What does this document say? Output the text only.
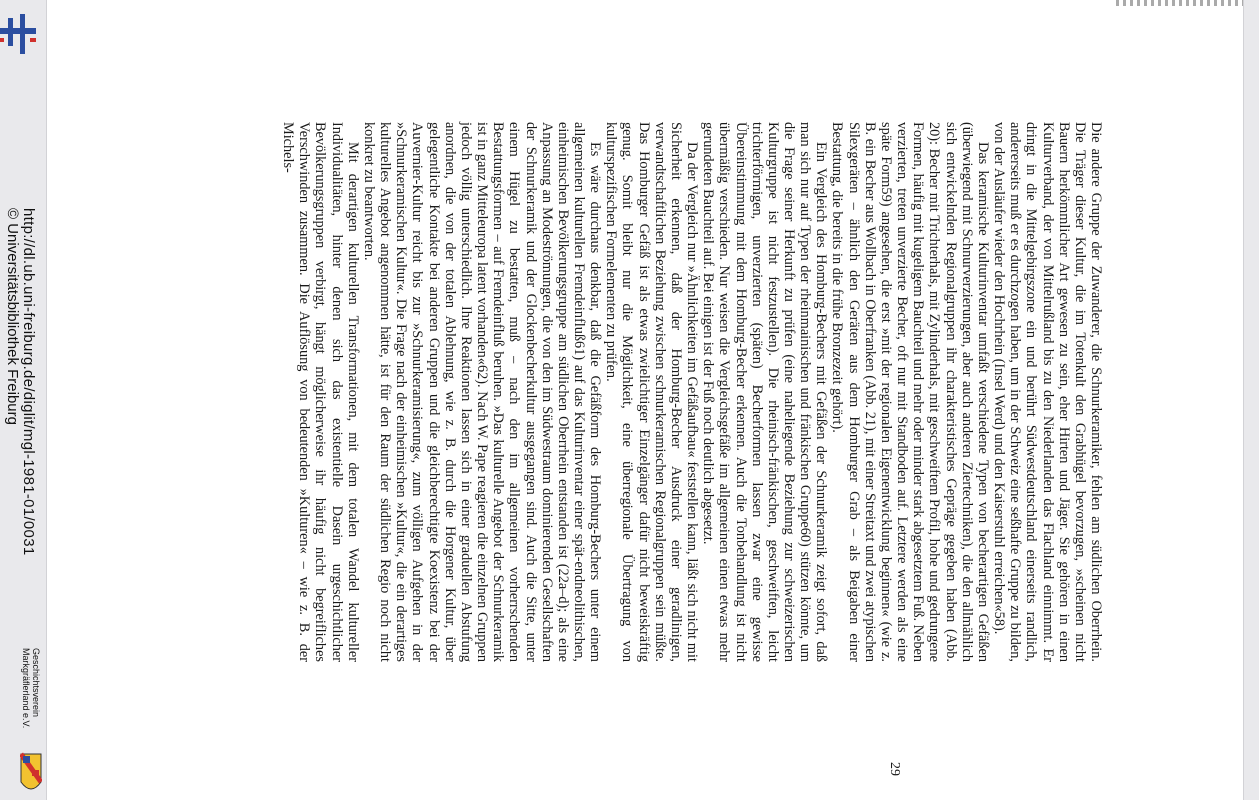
http://dl.ub.uni-freiburg.de/diglit/mgl-1981-01/0031
© Universitätsbibliothek Freiburg
Geschichtsverein
Markgräflerland e.V.

Die andere Gruppe der Zuwanderer, die Schnurkeramiker, fehlen am südlichen Oberrhein. Die Träger dieser Kultur, die im Totenkult den Grabhügel bevorzugen, »scheinen nicht Bauern herkömmlicher Art gewesen zu sein, eher Hirten und Jäger. Sie gehören in einen Kulturverband, der von Mittelrußland bis zu den Niederlanden das Flachland einnimmt. Er dringt in die Mittelgebirgszone ein und berührt Südwestdeutschland einerseits randlich, andererseits muß er es durchzogen haben, um in der Schweiz eine seßhafte Gruppe zu bilden, von der Ausläufer wieder den Hochrhein (Insel Werd) und den Kaiserstuhl erreichen«58).

Das keramische Kulturinventar umfaßt verschiedene Typen von becherartigen Gefäßen (überwiegend mit Schnurverzierungen, aber auch anderen Ziertechniken), die den allmählich sich entwickelnden Regionalgruppen ihr charakteristisches Gepräge gegeben haben (Abb. 20): Becher mit Trichterhals, mit Zylinderhals, mit geschweiftem Profil, hohe und gedrungene Formen, häufig mit kugeligem Bauchteil und mehr oder minder stark abgesetztem Fuß. Neben verzierten, treten unverzierte Becher, oft nur mit Standboden auf. Letztere werden als eine späte Form59) angesehen, die erst »mit der regionalen Eigenentwicklung beginnen« (wie z. B. ein Becher aus Wollbach in Oberfranken (Abb. 21), mit einer Streitaxt und zwei atypischen Silexgeräten – ähnlich den Geräten aus dem Homburger Grab – als Beigaben einer Bestattung, die bereits in die frühe Bronzezeit gehört).

Ein Vergleich des Homburg-Bechers mit Gefäßen der Schnurkeramik zeigt sofort, daß man sich nur auf Typen der rheinmainischen und fränkischen Gruppe60) stützen könnte, um die Frage seiner Herkunft zu prüfen (eine naheliegende Beziehung zur schweizerischen Kulturgruppe ist nicht festzustellen). Die rheinisch-fränkischen, geschweiften, leicht trichterförmigen, unverzierten (späten) Becherformen lassen zwar eine gewisse Übereinstimmung mit dem Homburg-Becher erkennen. Auch die Tonbehandlung ist nicht übermäßig verschieden. Nur weisen die Vergleichsgefäße im allgemeinen einen etwas mehr gerundeten Bauchteil auf. Bei einigen ist der Fuß noch deutlich abgesetzt.

Da der Vergleich nur »Ähnlichkeiten im Gefäßaufbau« feststellen kann, läßt sich nicht mit Sicherheit erkennen, daß der Homburg-Becher Ausdruck einer geradlinigen, verwandtschaftlichen Beziehung zwischen schnurkeramischen Regionalgruppen sein müßte. Das Homburger Gefäß ist als etwas zwielichtiger Einzelgänger dafür nicht beweiskräftig genug. Somit bleibt nur die Möglichkeit, eine überregionale Übertragung von kulturspezifischen Formelementen zu prüfen.

Es wäre durchaus denkbar, daß die Gefäßform des Homburg-Bechers unter einem allgemeinen kulturellen Fremdeinfluß61) auf das Kulturinventar einer spät-endneolithischen, einheimischen Bevölkerungsgruppe am südlichen Oberrhein entstanden ist (22a–d); als eine Anpassung an Modeströmungen, die von den im Südwestraum dominierenden Gesellschaften der Schnurkeramik und der Glockenbecherkultur ausgegangen sind. Auch die Sitte, unter einem Hügel zu bestatten, muß – nach den im allgemeinen vorherrschenden Bestattungsformen – auf Fremdeinfluß beruhen. »Das kulturelle Angebot der Schnurkeramik ist in ganz Mitteleuropa latent vorhanden«62). Nach W. Pape reagieren die einzelnen Gruppen jedoch völlig unterschiedlich. Ihre Reaktionen lassen sich in einer graduellen Abstufung anordnen, die von der totalen Ablehnung, wie z. B. durch die Horgener Kultur, über gelegentliche Kontakte bei anderen Gruppen und die gleichberechtigte Koexistenz bei der Auvernier-Kultur reicht bis zur »Schnurkeramisierung«, zum völligen Aufgehen in der »Schnurkeramischen Kultur«. Die Frage nach der einheimischen »Kultur«, die ein derartiges kulturelles Angebot angenommen hätte, ist für den Raum der südlichen Regio noch nicht konkret zu beantworten.

Mit derartigen kulturellen Transformationen, mit dem totalen Wandel kultureller Individualitäten, hinter denen sich das existentielle Dasein urgeschichtlicher Bevölkerungsgruppen verbirgt, hängt möglicherweise ihr häufig nicht begreifliches Verschwinden zusammen. Die Auflösung von bedeutenden »Kulturen« – wie z. B. der Michels-

29
